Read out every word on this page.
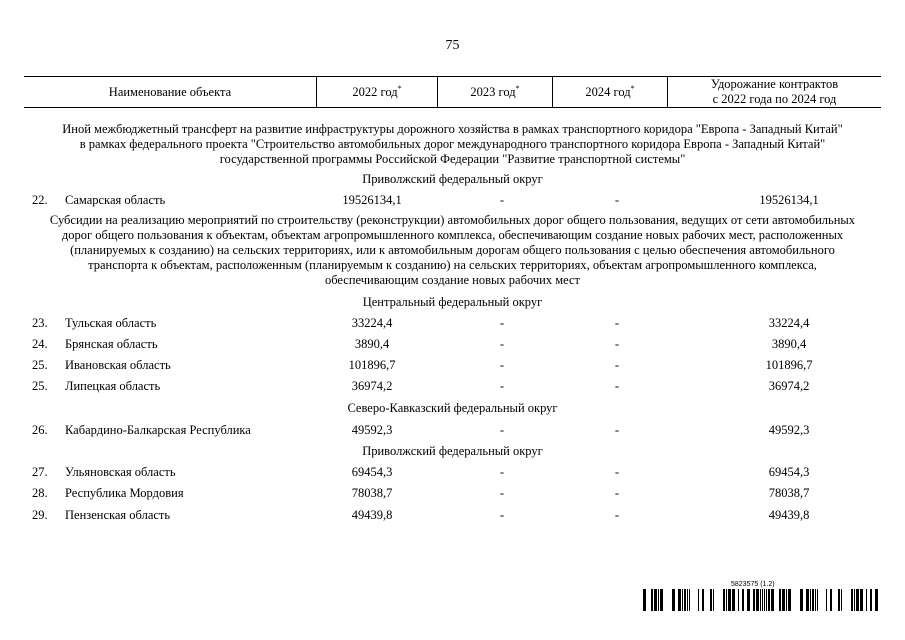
75
Наименование объекта	2022 год*	2023 год*	2024 год*	Удорожание контрактов
с 2022 года по 2024 год
Иной межбюджетный трансферт на развитие инфраструктуры дорожного хозяйства в рамках транспортного коридора "Европа - Западный Китай"
в рамках федерального проекта "Строительство автомобильных дорог международного транспортного коридора Европа - Западный Китай"
государственной программы Российской Федерации "Развитие транспортной системы"
Приволжский федеральный округ
22. Самарская область	19526134,1	-	-	19526134,1
Субсидии на реализацию мероприятий по строительству (реконструкции) автомобильных дорог общего пользования, ведущих от сети автомобильных
дорог общего пользования к объектам, объектам агропромышленного комплекса, обеспечивающим создание новых рабочих мест, расположенных
(планируемых к созданию) на сельских территориях, или к автомобильным дорогам общего пользования с целью обеспечения автомобильного
транспорта к объектам, расположенным (планируемым к созданию) на сельских территориях, объектам агропромышленного комплекса,
обеспечивающим создание новых рабочих мест
Центральный федеральный округ
23. Тульская область	33224,4	-	-	33224,4
24. Брянская область	3890,4	-	-	3890,4
25. Ивановская область	101896,7	-	-	101896,7
25. Липецкая область	36974,2	-	-	36974,2
Северо-Кавказский федеральный округ
26. Кабардино-Балкарская Республика	49592,3	-	-	49592,3
Приволжский федеральный округ
27. Ульяновская область	69454,3	-	-	69454,3
28. Республика Мордовия	78038,7	-	-	78038,7
29. Пензенская область	49439,8	-	-	49439,8
5823575 (1.2)
